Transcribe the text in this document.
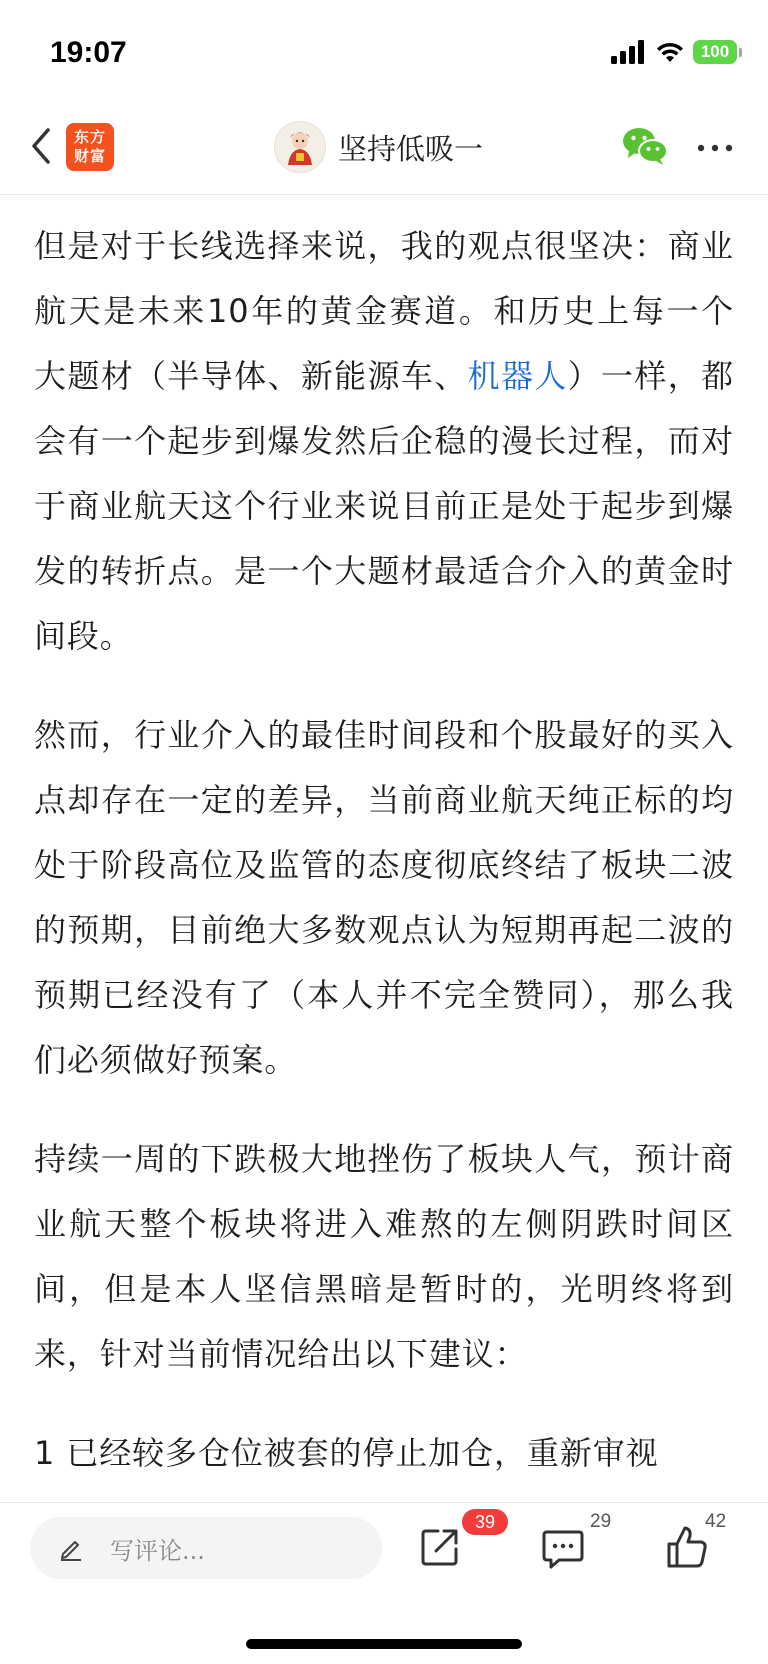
19:07	100
东方
财富	坚持低吸一

但是对于长线选择来说，我的观点很坚决：商业航天是未来10年的黄金赛道。和历史上每一个大题材（半导体、新能源车、机器人）一样，都会有一个起步到爆发然后企稳的漫长过程，而对于商业航天这个行业来说目前正是处于起步到爆发的转折点。是一个大题材最适合介入的黄金时间段。

然而，行业介入的最佳时间段和个股最好的买入点却存在一定的差异，当前商业航天纯正标的均处于阶段高位及监管的态度彻底终结了板块二波的预期，目前绝大多数观点认为短期再起二波的预期已经没有了（本人并不完全赞同），那么我们必须做好预案。

持续一周的下跌极大地挫伤了板块人气，预计商业航天整个板块将进入难熬的左侧阴跌时间区间，但是本人坚信黑暗是暂时的，光明终将到来，针对当前情况给出以下建议：

1 已经较多仓位被套的停止加仓，重新审视

写评论...
39	29	42
